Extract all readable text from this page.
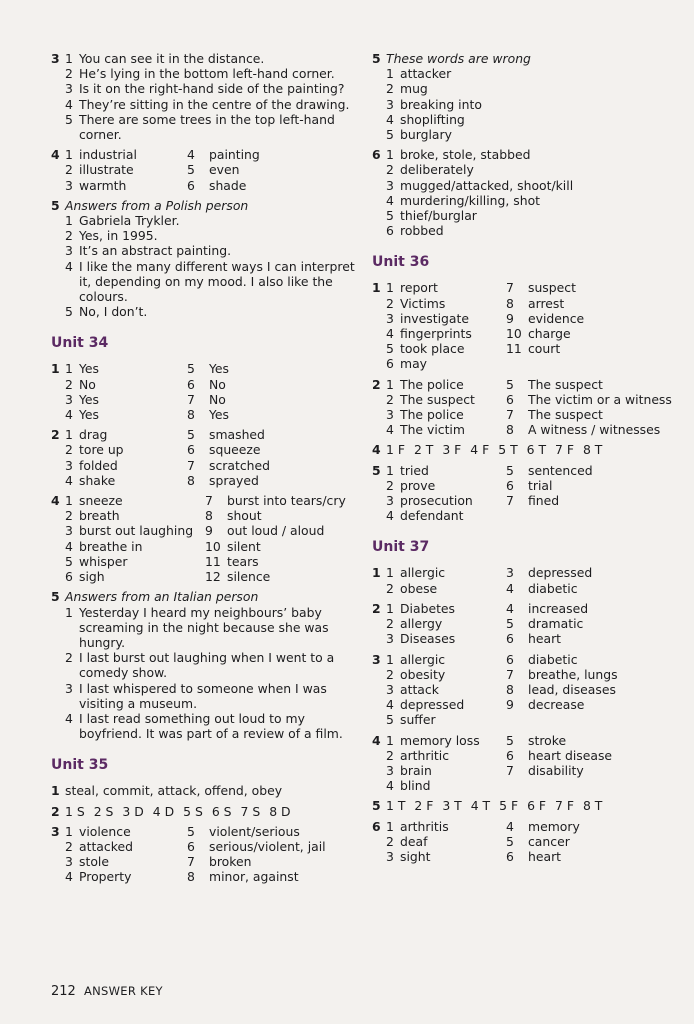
3 1 You can see it in the distance.
2 He’s lying in the bottom left-hand corner.
3 Is it on the right-hand side of the painting?
4 They’re sitting in the centre of the drawing.
5 There are some trees in the top left-hand corner.
4 1 industrial
2 illustrate
3 warmth
4	painting
5	even
6	shade
5 Answers from a Polish person
1 Gabriela Trykler.
2 Yes, in 1995.
3 It’s an abstract painting.
4 I like the many different ways I can interpret it, depending on my mood. I also like the colours.
5 No, I don’t.
Unit 34
1 1 Yes
2 No
3 Yes
4 Yes
5	Yes
6	No
7	No
8	Yes
2 1 drag
2 tore up
3 folded
4 shake
5	smashed
6	squeeze
7	scratched
8	sprayed
4 1 sneeze
2 breath
3 burst out laughing
4 breathe in
5 whisper
6 sigh
7	burst into tears/cry
8	shout
9	out loud / aloud
10 silent
11 tears
12 silence
5 Answers from an Italian person
1 Yesterday I heard my neighbours’ baby screaming in the night because she was hungry.
2 I last burst out laughing when I went to a comedy show.
3 I last whispered to someone when I was visiting a museum.
4 I last read something out loud to my boyfriend. It was part of a review of a film.
Unit 35
1 steal, commit, attack, offend, obey
2 1 S 2 S 3 D 4 D 5 S 6 S 7 S 8 D
3 1 violence
2 attacked
3 stole
4 Property
5	violent/serious
6	serious/violent, jail
7	broken
8	minor, against
5 These words are wrong
1 attacker
2 mug
3 breaking into
4 shoplifting
5 burglary
6 1 broke, stole, stabbed
2 deliberately
3 mugged/attacked, shoot/kill
4 murdering/killing, shot
5 thief/burglar
6 robbed
Unit 36
1 1 report
2 Victims
3 investigate
4 fingerprints
5 took place
6 may
7	suspect
8	arrest
9	evidence
10 charge
11 court
2 1 The police
2 The suspect
3 The police
4 The victim
5	The suspect
6	The victim or a witness
7	The suspect
8	A witness / witnesses
4 1 F 2 T 3 F 4 F 5 T 6 T 7 F 8 T
5 1 tried
2 prove
3 prosecution
4 defendant
5	sentenced
6	trial
7	fined
Unit 37
1 1 allergic
2 obese
3	depressed
4	diabetic
2 1 Diabetes
2 allergy
3 Diseases
4	increased
5	dramatic
6	heart
3 1 allergic
2 obesity
3 attack
4 depressed
5 suffer
6	diabetic
7	breathe, lungs
8	lead, diseases
9	decrease
4 1 memory loss
2 arthritic
3 brain
4 blind
5	stroke
6	heart disease
7	disability
5 1 T 2 F 3 T 4 T 5 F 6 F 7 F 8 T
6 1 arthritis
2 deaf
3 sight
4	memory
5	cancer
6	heart
212 ANSWER KEY
